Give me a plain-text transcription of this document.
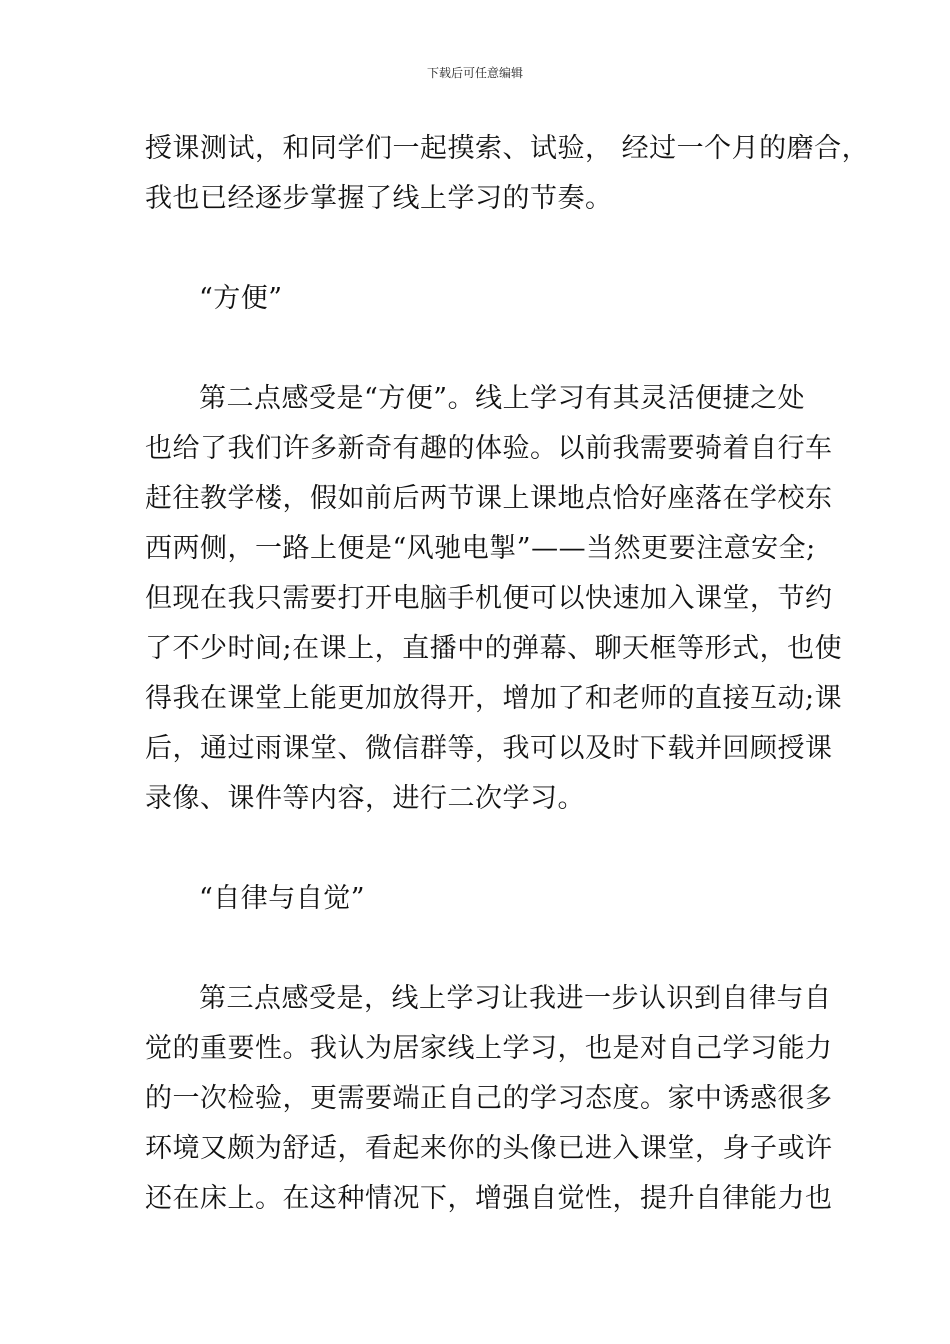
下载后可任意编辑
授课测试，和同学们一起摸索、试验， 经过一个月的磨合，
我也已经逐步掌握了线上学习的节奏。
“方便”
第二点感受是“方便”。线上学习有其灵活便捷之处
也给了我们许多新奇有趣的体验。以前我需要骑着自行车
赶往教学楼，假如前后两节课上课地点恰好座落在学校东
西两侧，一路上便是“风驰电掣”——当然更要注意安全;
但现在我只需要打开电脑手机便可以快速加入课堂，节约
了不少时间;在课上，直播中的弹幕、聊天框等形式，也使
得我在课堂上能更加放得开，增加了和老师的直接互动;课
后，通过雨课堂、微信群等，我可以及时下载并回顾授课
录像、课件等内容，进行二次学习。
“自律与自觉”
第三点感受是，线上学习让我进一步认识到自律与自
觉的重要性。我认为居家线上学习，也是对自己学习能力
的一次检验，更需要端正自己的学习态度。家中诱惑很多
环境又颇为舒适，看起来你的头像已进入课堂，身子或许
还在床上。在这种情况下，增强自觉性，提升自律能力也
